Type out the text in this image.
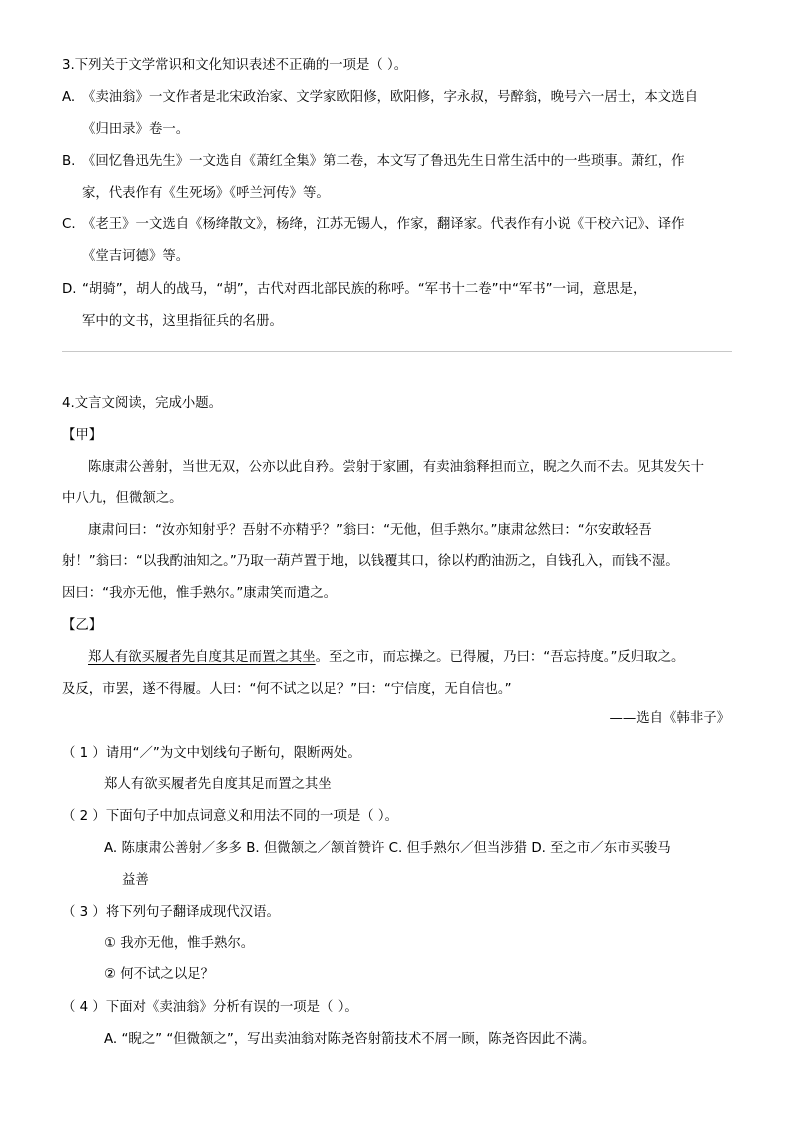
3.下列关于文学常识和文化知识表述不正确的一项是（ ）。
A. 《卖油翁》一文作者是北宋政治家、文学家欧阳修，欧阳修，字永叔，号醉翁，晚号六一居士，本文选自
《归田录》卷一。
B. 《回忆鲁迅先生》一文选自《萧红全集》第二卷，本文写了鲁迅先生日常生活中的一些琐事。萧红，作
家，代表作有《生死场》《呼兰河传》等。
C. 《老王》一文选自《杨绛散文》，杨绛，江苏无锡人，作家，翻译家。代表作有小说《干校六记》、译作
《堂吉诃德》等。
D. “胡骑”，胡人的战马，“胡”，古代对西北部民族的称呼。“军书十二卷”中“军书”一词，意思是，
军中的文书，这里指征兵的名册。
4.文言文阅读，完成小题。
【甲】
陈康肃公善射，当世无双，公亦以此自矜。尝射于家圃，有卖油翁释担而立，睨之久而不去。见其发矢十
中八九，但微颔之。
康肃问曰：“汝亦知射乎？吾射不亦精乎？”翁曰：“无他，但手熟尔。”康肃忿然曰：“尔安敢轻吾
射！”翁曰：“以我酌油知之。”乃取一葫芦置于地，以钱覆其口，徐以杓酌油沥之，自钱孔入，而钱不湿。
因曰：“我亦无他，惟手熟尔。”康肃笑而遣之。
【乙】
郑人有欲买履者先自度其足而置之其坐。至之市，而忘操之。已得履，乃曰：“吾忘持度。”反归取之。
及反，市罢，遂不得履。人曰：“何不试之以足？”曰：“宁信度，无自信也。”
——选自《韩非子》
（ 1 ）请用“／”为文中划线句子断句，限断两处。
郑人有欲买履者先自度其足而置之其坐
（ 2 ）下面句子中加点词意义和用法不同的一项是（ ）。
A. 陈康肃公善射／多多 B. 但微颔之／颔首赞许 C. 但手熟尔／但当涉猎 D. 至之市／东市买骏马
益善
（ 3 ）将下列句子翻译成现代汉语。
① 我亦无他，惟手熟尔。
② 何不试之以足？
（ 4 ）下面对《卖油翁》分析有误的一项是（ ）。
A. “睨之” “但微颔之”，写出卖油翁对陈尧咨射箭技术不屑一顾，陈尧咨因此不满。
